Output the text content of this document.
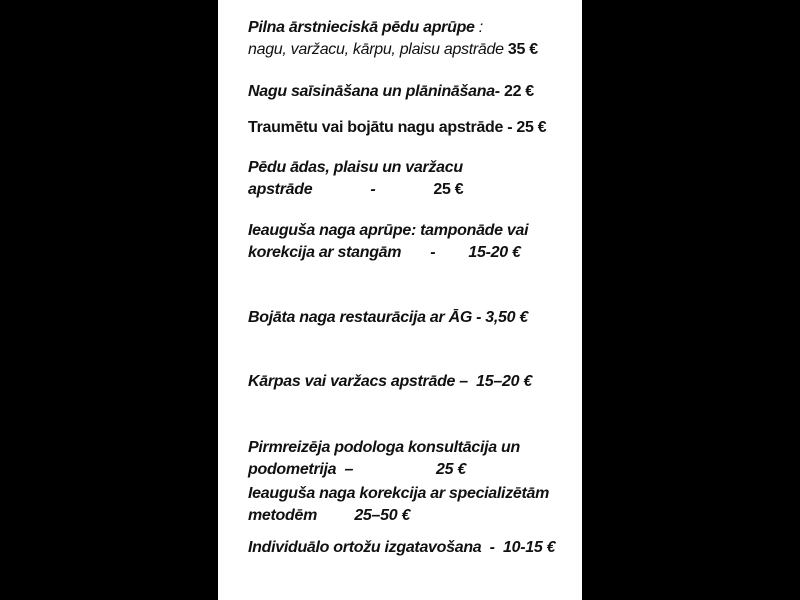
Pilna ārstnieciskā pēdu aprūpe :
nagu, varžacu, kārpu, plaisu apstrāde 35 €
Nagu saīsināšana un plānināšana- 22 €
Traumētu vai bojātu nagu apstrāde - 25 €
Pēdu ādas, plaisu un varžacu
apstrāde              -              25 €
Ieauguša naga aprūpe: tamponāde vai
korekcija ar stangām       -        15-20 €
Bojāta naga restaurācija ar ĀG - 3,50 €
Kārpas vai varžacs apstrāde –  15–20 €
Pirmreizēja podologa konsultācija un
podometrija  –                    25 €
Ieauguša naga korekcija ar specializētām
metodēm         25–50 €
Individuālo ortožu izgatavošana  -  10-15 €
